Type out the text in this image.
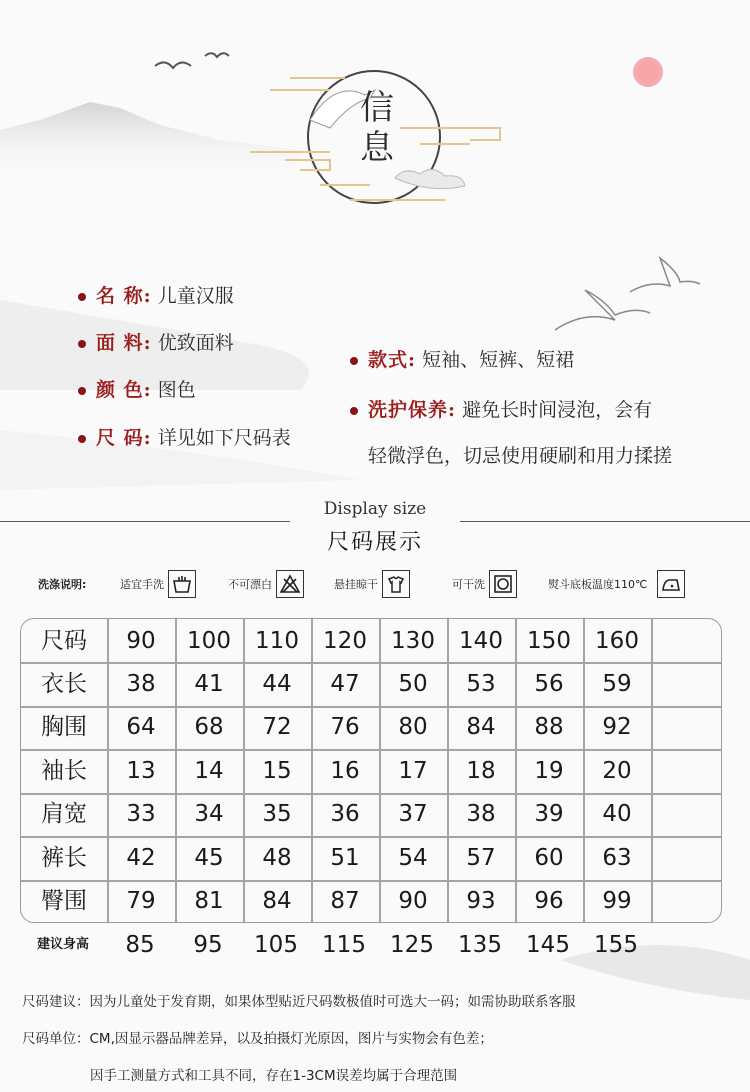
信
息
名 称: 儿童汉服
面 料: 优致面料
颜 色: 图色
尺 码: 详见如下尺码表
款式: 短袖、短裤、短裙
洗护保养: 避免长时间浸泡，会有
轻微浮色，切忌使用硬刷和用力揉搓
Display size
尺码展示
洗涤说明:	适宜手洗	不可漂白	悬挂晾干	可干洗	熨斗底板温度110℃
尺码	90	100	110	120	130	140	150	160
衣长	38	41	44	47	50	53	56	59
胸围	64	68	72	76	80	84	88	92
袖长	13	14	15	16	17	18	19	20
肩宽	33	34	35	36	37	38	39	40
裤长	42	45	48	51	54	57	60	63
臀围	79	81	84	87	90	93	96	99
建议身高	85	95	105	115	125	135	145	155
尺码建议：因为儿童处于发育期，如果体型贴近尺码数极值时可选大一码；如需协助联系客服
尺码单位：CM,因显示器品牌差异，以及拍摄灯光原因，图片与实物会有色差；
因手工测量方式和工具不同，存在1-3CM误差均属于合理范围
